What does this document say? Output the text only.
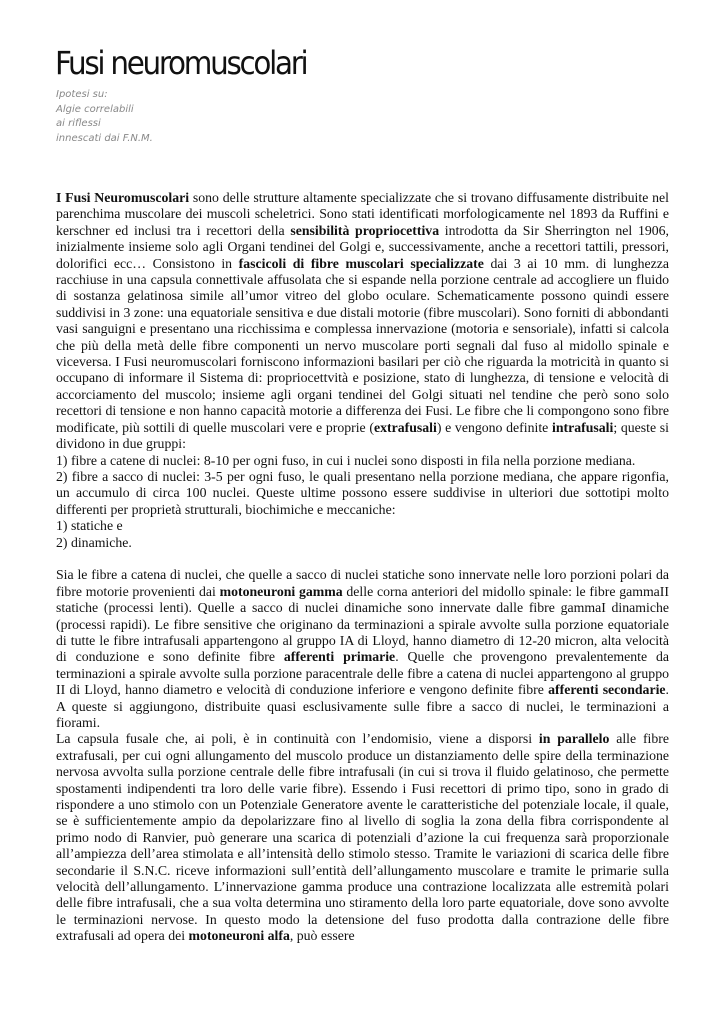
Fusi neuromuscolari
Ipotesi su:
Algie correlabili
ai riflessi
innescati dai F.N.M.

I Fusi Neuromuscolari sono delle strutture altamente specializzate che si trovano diffusamente distribuite nel parenchima muscolare dei muscoli scheletrici. Sono stati identificati morfologicamente nel 1893 da Ruffini e kerschner ed inclusi tra i recettori della sensibilità propriocettiva introdotta da Sir Sherrington nel 1906, inizialmente insieme solo agli Organi tendinei del Golgi e, successivamente, anche a recettori tattili, pressori, dolorifici ecc… Consistono in fascicoli di fibre muscolari specializzate dai 3 ai 10 mm. di lunghezza racchiuse in una capsula connettivale affusolata che si espande nella porzione centrale ad accogliere un fluido di sostanza gelatinosa simile all’umor vitreo del globo oculare. Schematicamente possono quindi essere suddivisi in 3 zone: una equatoriale sensitiva e due distali motorie (fibre muscolari). Sono forniti di abbondanti vasi sanguigni e presentano una ricchissima e complessa innervazione (motoria e sensoriale), infatti si calcola che più della metà delle fibre componenti un nervo muscolare porti segnali dal fuso al midollo spinale e viceversa. I Fusi neuromuscolari forniscono informazioni basilari per ciò che riguarda la motricità in quanto si occupano di informare il Sistema di: propriocettvità e posizione, stato di lunghezza, di tensione e velocità di accorciamento del muscolo; insieme agli organi tendinei del Golgi situati nel tendine che però sono solo recettori di tensione e non hanno capacità motorie a differenza dei Fusi. Le fibre che li compongono sono fibre modificate, più sottili di quelle muscolari vere e proprie (extrafusali) e vengono definite intrafusali; queste si dividono in due gruppi:

1) fibre a catene di nuclei: 8-10 per ogni fuso, in cui i nuclei sono disposti in fila nella porzione mediana.

2) fibre a sacco di nuclei: 3-5 per ogni fuso, le quali presentano nella porzione mediana, che appare rigonfia, un accumulo di circa 100 nuclei. Queste ultime possono essere suddivise in ulteriori due sottotipi molto differenti per proprietà strutturali, biochimiche e meccaniche:

1) statiche e

2) dinamiche.

Sia le fibre a catena di nuclei, che quelle a sacco di nuclei statiche sono innervate nelle loro porzioni polari da fibre motorie provenienti dai motoneuroni gamma delle corna anteriori del midollo spinale: le fibre gammaII statiche (processi lenti). Quelle a sacco di nuclei dinamiche sono innervate dalle fibre gammaI dinamiche (processi rapidi). Le fibre sensitive che originano da terminazioni a spirale avvolte sulla porzione equatoriale di tutte le fibre intrafusali appartengono al gruppo IA di Lloyd, hanno diametro di 12-20 micron, alta velocità di conduzione e sono definite fibre afferenti primarie. Quelle che provengono prevalentemente da terminazioni a spirale avvolte sulla porzione paracentrale delle fibre a catena di nuclei appartengono al gruppo II di Lloyd, hanno diametro e velocità di conduzione inferiore e vengono definite fibre afferenti secondarie. A queste si aggiungono, distribuite quasi esclusivamente sulle fibre a sacco di nuclei, le terminazioni a fiorami.

La capsula fusale che, ai poli, è in continuità con l’endomisio, viene a disporsi in parallelo alle fibre extrafusali, per cui ogni allungamento del muscolo produce un distanziamento delle spire della terminazione nervosa avvolta sulla porzione centrale delle fibre intrafusali (in cui si trova il fluido gelatinoso, che permette spostamenti indipendenti tra loro delle varie fibre). Essendo i Fusi recettori di primo tipo, sono in grado di rispondere a uno stimolo con un Potenziale Generatore avente le caratteristiche del potenziale locale, il quale, se è sufficientemente ampio da depolarizzare fino al livello di soglia la zona della fibra corrispondente al primo nodo di Ranvier, può generare una scarica di potenziali d’azione la cui frequenza sarà proporzionale all’ampiezza dell’area stimolata e all’intensità dello stimolo stesso. Tramite le variazioni di scarica delle fibre secondarie il S.N.C. riceve informazioni sull’entità dell’allungamento muscolare e tramite le primarie sulla velocità dell’allungamento. L’innervazione gamma produce una contrazione localizzata alle estremità polari delle fibre intrafusali, che a sua volta determina uno stiramento della loro parte equatoriale, dove sono avvolte le terminazioni nervose. In questo modo la detensione del fuso prodotta dalla contrazione delle fibre extrafusali ad opera dei motoneuroni alfa, può essere
